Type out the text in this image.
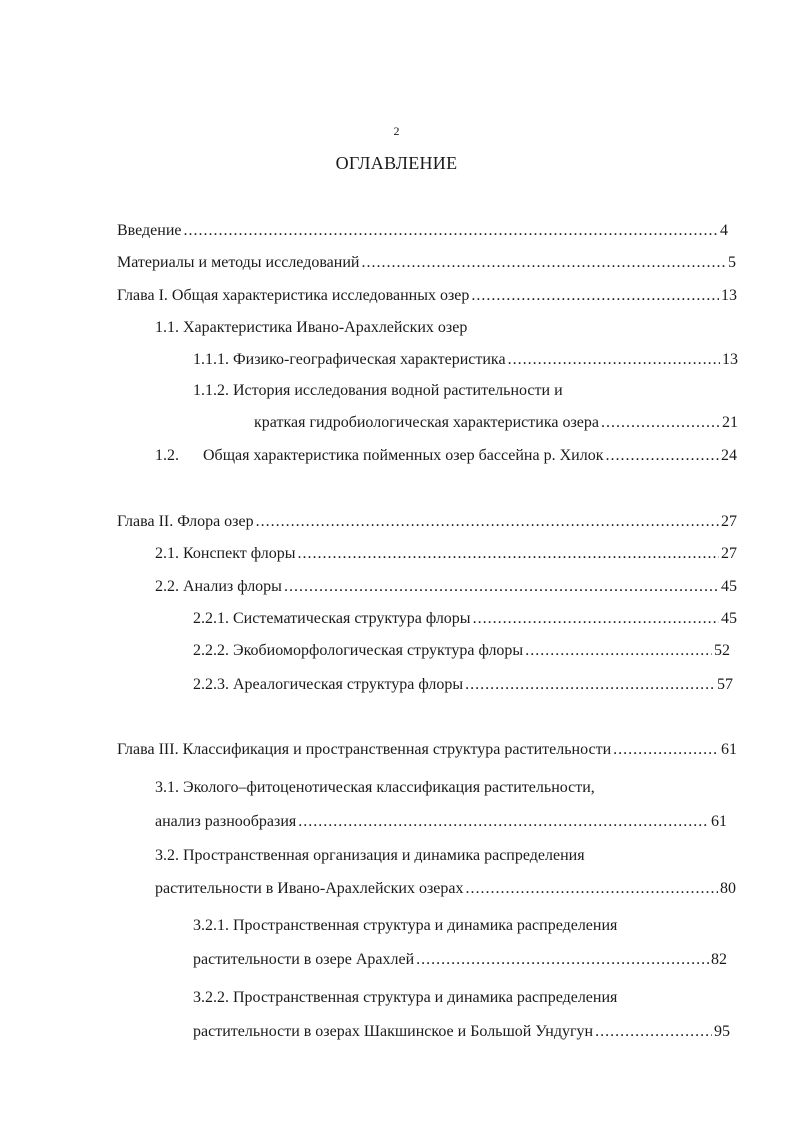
2
ОГЛАВЛЕНИЕ
Введение .....	4
Материалы и методы исследований .....	5
Глава I. Общая характеристика исследованных озер .....	13
1.1. Характеристика Ивано-Арахлейских озер
1.1.1. Физико-географическая характеристика .....	13
1.1.2. История исследования водной растительности и
краткая гидробиологическая характеристика озера .....	21
1.2.	Общая характеристика пойменных озер бассейна р. Хилок .....	24
Глава II. Флора озер .....	27
2.1. Конспект флоры .....	27
2.2. Анализ флоры .....	45
2.2.1. Систематическая структура флоры .....	45
2.2.2. Экобиоморфологическая структура флоры .....	52
2.2.3. Ареалогическая структура флоры .....	57
Глава III. Классификация и пространственная структура растительности .....	61
3.1. Эколого–фитоценотическая классификация растительности,
анализ разнообразия .....	61
3.2. Пространственная организация и динамика распределения
растительности в Ивано-Арахлейских озерах .....	80
3.2.1. Пространственная структура и динамика распределения
растительности в озере Арахлей .....	82
3.2.2. Пространственная структура и динамика распределения
растительности в озерах Шакшинское и Большой Ундугун .....	95
